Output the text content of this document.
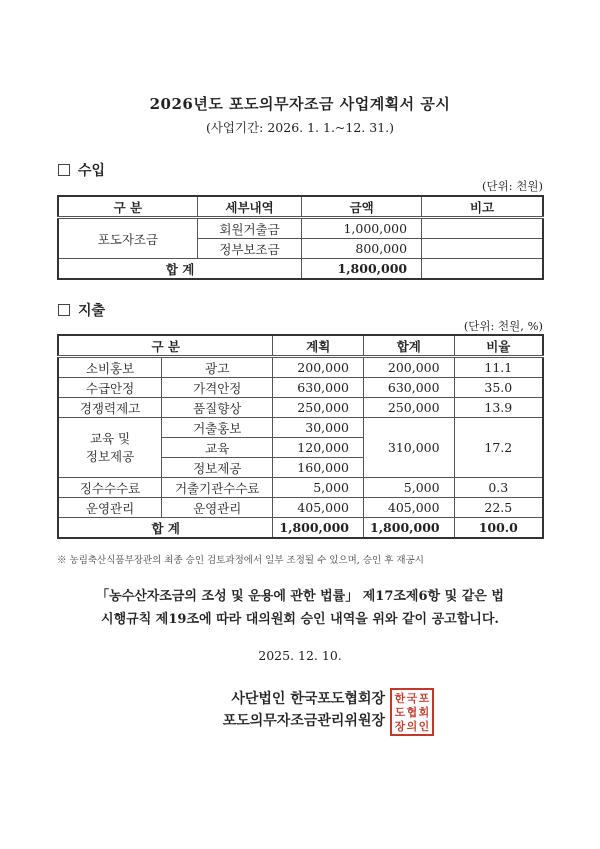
2026년도 포도의무자조금 사업계획서 공시
(사업기간: 2026. 1. 1.~12. 31.)
수입
(단위: 천원)
구 분	세부내역	금액	비고
포도자조금	회원거출금	1,000,000	
	정부보조금	800,000	
합 계		1,800,000	
지출
(단위: 천원, %)
구 분		계획	합계	비율
소비홍보	광고	200,000	200,000	11.1
수급안정	가격안정	630,000	630,000	35.0
경쟁력제고	품질향상	250,000	250,000	13.9

교육 및
정보제공	거출홍보	30,000	310,000	17.2
	교육	120,000		
	정보제공	160,000		
징수수수료	거출기관수수료	5,000	5,000	0.3
운영관리	운영관리	405,000	405,000	22.5
합 계		1,800,000	1,800,000	100.0
※ 농림축산식품부장관의 최종 승인 검토과정에서 일부 조정될 수 있으며, 승인 후 재공시
「농수산자조금의 조성 및 운용에 관한 법률」 제17조제6항 및 같은 법
시행규칙 제19조에 따라 대의원회 승인 내역을 위와 같이 공고합니다.
2025. 12. 10.
사단법인 한국포도협회장
포도의무자조금관리위원장
한 국 포
도 협 회
장 의 인
